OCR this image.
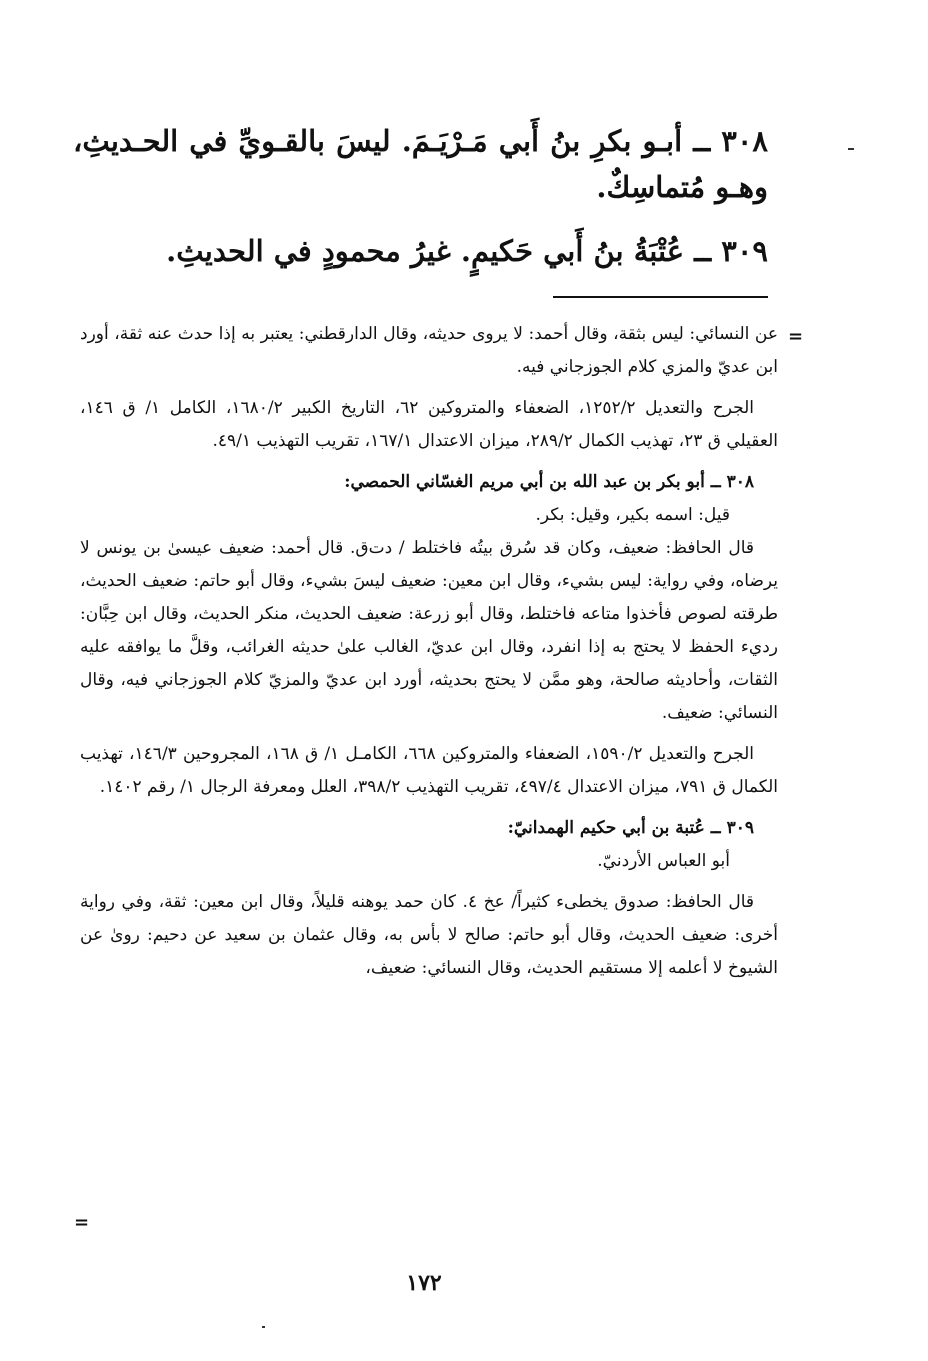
٣٠٨ ــ أبـو بكرِ بنُ أَبي مَـرْيَـمَ. ليسَ بالقـويِّ في الحـديثِ، وهـو مُتماسِكٌ.
٣٠٩ ــ عُتْبَةُ بنُ أَبي حَكيمٍ. غيرُ محمودٍ في الحديثِ.
=

عن النسائي: ليس بثقة، وقال أحمد: لا يروى حديثه، وقال الدارقطني: يعتبر به إذا حدث عنه ثقة، أورد ابن عديّ والمزي كلام الجوزجاني فيه.

الجرح والتعديل ١٢٥٢/٢، الضعفاء والمتروكين ٦٢، التاريخ الكبير ١٦٨٠/٢، الكامل ١/ ق ١٤٦، العقيلي ق ٢٣، تهذيب الكمال ٢٨٩/٢، ميزان الاعتدال ١٦٧/١، تقريب التهذيب ٤٩/١.

٣٠٨ ــ أبو بكر بن عبد الله بن أبي مريم الغسّاني الحمصي:

قيل: اسمه بكير، وقيل: بكر.

قال الحافظ: ضعيف، وكان قد سُرق بيتُه فاختلط / دت‌ق. قال أحمد: ضعيف عيسىٰ بن يونس لا يرضاه، وفي رواية: ليس بشيء، وقال ابن معين: ضعيف ليسَ بشيء، وقال أبو حاتم: ضعيف الحديث، طرقته لصوص فأخذوا متاعه فاختلط، وقال أبو زرعة: ضعيف الحديث، منكر الحديث، وقال ابن حِبَّان: رديء الحفظ لا يحتج به إذا انفرد، وقال ابن عديّ، الغالب علىٰ حديثه الغرائب، وقلَّ ما يوافقه عليه الثقات، وأحاديثه صالحة، وهو ممَّن لا يحتج بحديثه، أورد ابن عديّ والمزيّ كلام الجوزجاني فيه، وقال النسائي: ضعيف.

الجرح والتعديل ١٥٩٠/٢، الضعفاء والمتروكين ٦٦٨، الكامـل ١/ ق ١٦٨، المجروحين ١٤٦/٣، تهذيب الكمال ق ٧٩١، ميزان الاعتدال ٤٩٧/٤، تقريب التهذيب ٣٩٨/٢، العلل ومعرفة الرجال ١/ رقم ١٤٠٢.

٣٠٩ ــ عُتبة بن أبي حكيم الهمدانيّ:

أبو العباس الأردنيّ.

قال الحافظ: صدوق يخطىء كثيراً/ عخ ٤. كان حمد يوهنه قليلاً، وقال ابن معين: ثقة، وفي رواية أخرى: ضعيف الحديث، وقال أبو حاتم: صالح لا بأس به، وقال عثمان بن سعيد عن دحيم: روىٰ عن الشيوخ لا أعلمه إلا مستقيم الحديث، وقال النسائي: ضعيف،

=
١٧٢
